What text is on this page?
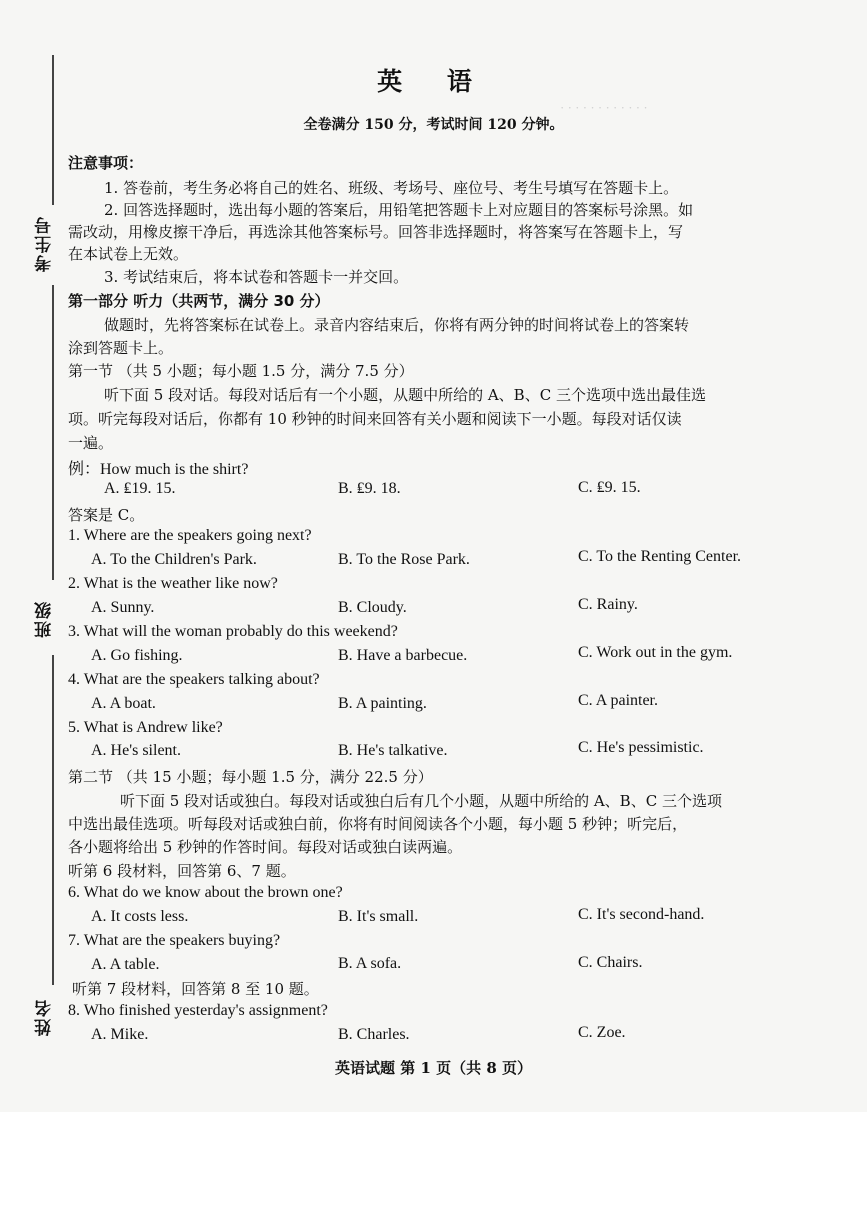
· · · · · · · · · · · ·
考生号
班级
姓名
英 语
全卷满分 150 分，考试时间 120 分钟。
注意事项：
1. 答卷前，考生务必将自己的姓名、班级、考场号、座位号、考生号填写在答题卡上。
2. 回答选择题时，选出每小题的答案后，用铅笔把答题卡上对应题目的答案标号涂黑。如
需改动，用橡皮擦干净后，再选涂其他答案标号。回答非选择题时，将答案写在答题卡上，写
在本试卷上无效。
3. 考试结束后，将本试卷和答题卡一并交回。
第一部分 听力（共两节，满分 30 分）
做题时，先将答案标在试卷上。录音内容结束后，你将有两分钟的时间将试卷上的答案转
涂到答题卡上。
第一节 （共 5 小题；每小题 1.5 分，满分 7.5 分）
听下面 5 段对话。每段对话后有一个小题，从题中所给的 A、B、C 三个选项中选出最佳选
项。听完每段对话后，你都有 10 秒钟的时间来回答有关小题和阅读下一小题。每段对话仅读
一遍。
例：How much is the shirt?
A. ₤19. 15.	B. ₤9. 18.	C. ₤9. 15.
答案是 C。
1. Where are the speakers going next?
A. To the Children's Park.	B. To the Rose Park.	C. To the Renting Center.
2. What is the weather like now?
A. Sunny.	B. Cloudy.	C. Rainy.
3. What will the woman probably do this weekend?
A. Go fishing.	B. Have a barbecue.	C. Work out in the gym.
4. What are the speakers talking about?
A. A boat.	B. A painting.	C. A painter.
5. What is Andrew like?
A. He's silent.	B. He's talkative.	C. He's pessimistic.
第二节 （共 15 小题；每小题 1.5 分，满分 22.5 分）
听下面 5 段对话或独白。每段对话或独白后有几个小题，从题中所给的 A、B、C 三个选项
中选出最佳选项。听每段对话或独白前，你将有时间阅读各个小题，每小题 5 秒钟；听完后，
各小题将给出 5 秒钟的作答时间。每段对话或独白读两遍。
听第 6 段材料，回答第 6、7 题。
6. What do we know about the brown one?
A. It costs less.	B. It's small.	C. It's second-hand.
7. What are the speakers buying?
A. A table.	B. A sofa.	C. Chairs.
听第 7 段材料，回答第 8 至 10 题。
8. Who finished yesterday's assignment?
A. Mike.	B. Charles.	C. Zoe.
英语试题 第 1 页（共 8 页）
